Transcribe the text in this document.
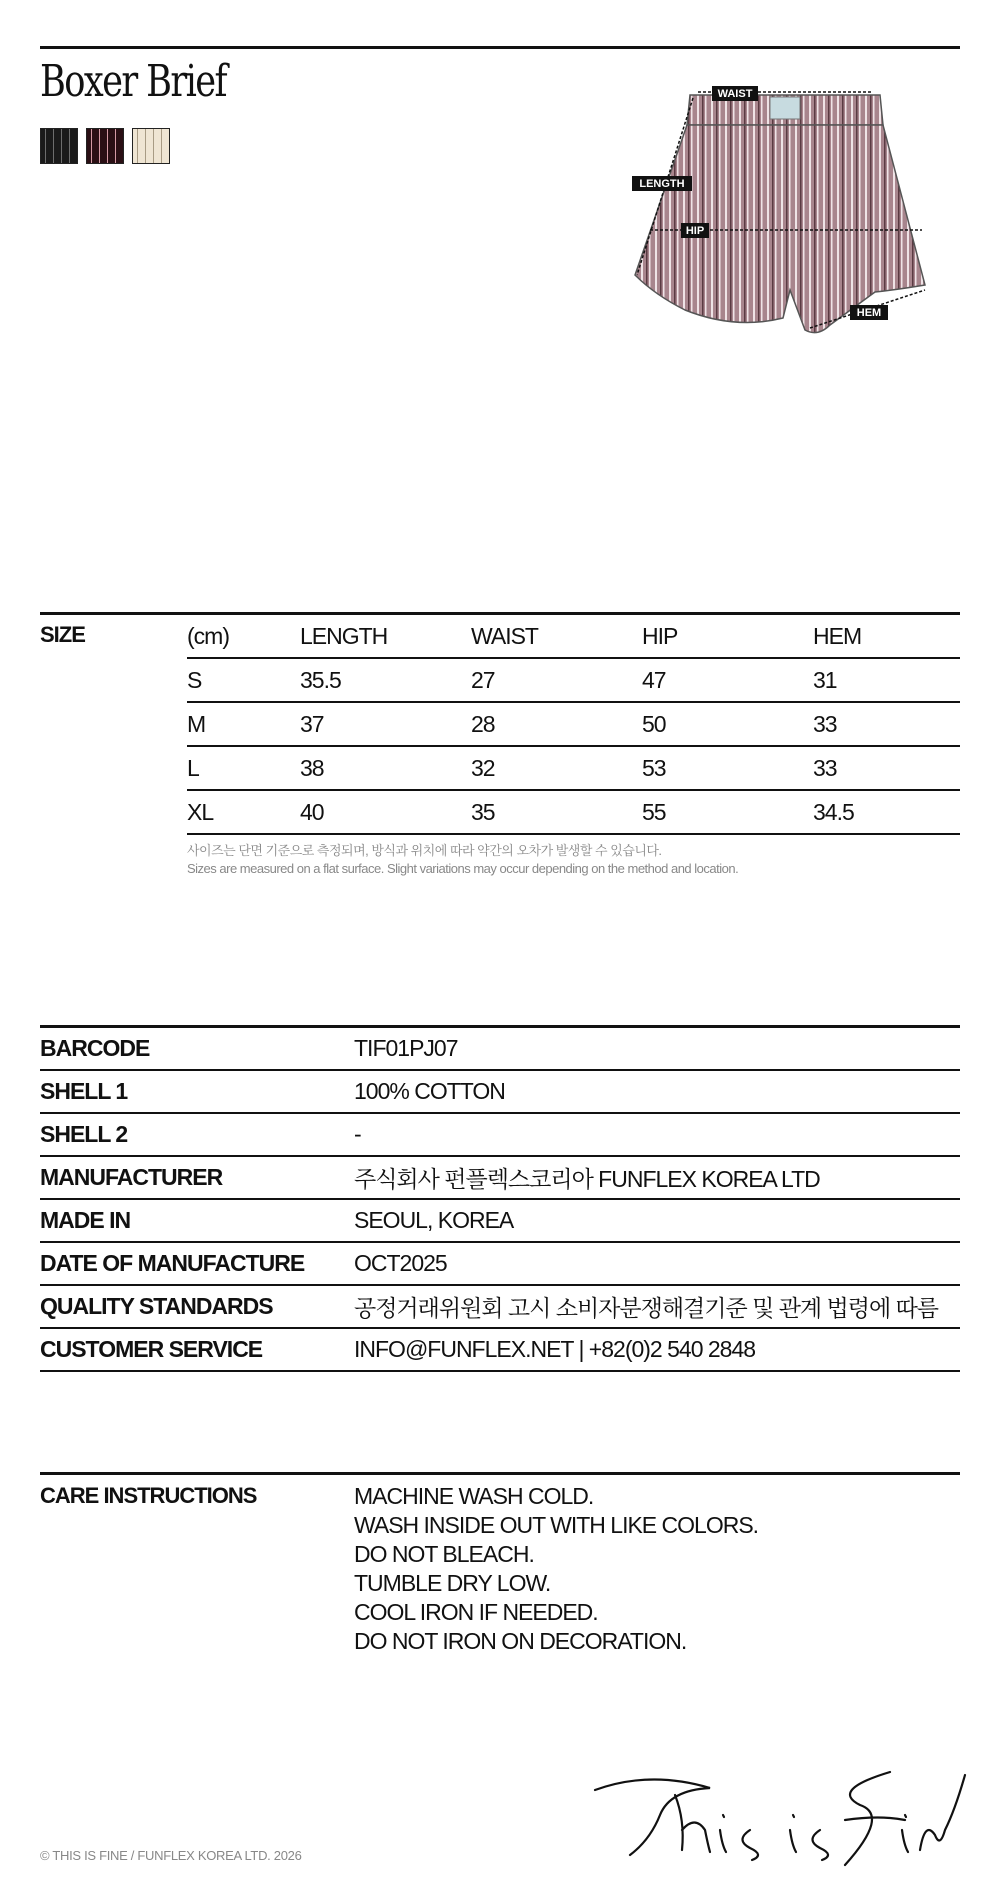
Boxer Brief	WAIST
LENGTH
HIP
HEM
SIZE	(cm)	LENGTH	WAIST	HIP	HEM
S	35.5	27	47	31
M	37	28	50	33
L	38	32	53	33
XL	40	35	55	34.5
사이즈는 단면 기준으로 측정되며, 방식과 위치에 따라 약간의 오차가 발생할 수 있습니다.
Sizes are measured on a flat surface. Slight variations may occur depending on the method and location.
BARCODE	TIF01PJ07
SHELL 1	100% COTTON
SHELL 2	-
MANUFACTURER	주식회사 펀플렉스코리아 FUNFLEX KOREA LTD
MADE IN	SEOUL, KOREA
DATE OF MANUFACTURE	OCT2025
QUALITY STANDARDS	공정거래위원회 고시 소비자분쟁해결기준 및 관계 법령에 따름
CUSTOMER SERVICE	INFO@FUNFLEX.NET | +82(0)2 540 2848
CARE INSTRUCTIONS	MACHINE WASH COLD.
WASH INSIDE OUT WITH LIKE COLORS.
DO NOT BLEACH.
TUMBLE DRY LOW.
COOL IRON IF NEEDED.
DO NOT IRON ON DECORATION.
© THIS IS FINE / FUNFLEX KOREA LTD. 2026
